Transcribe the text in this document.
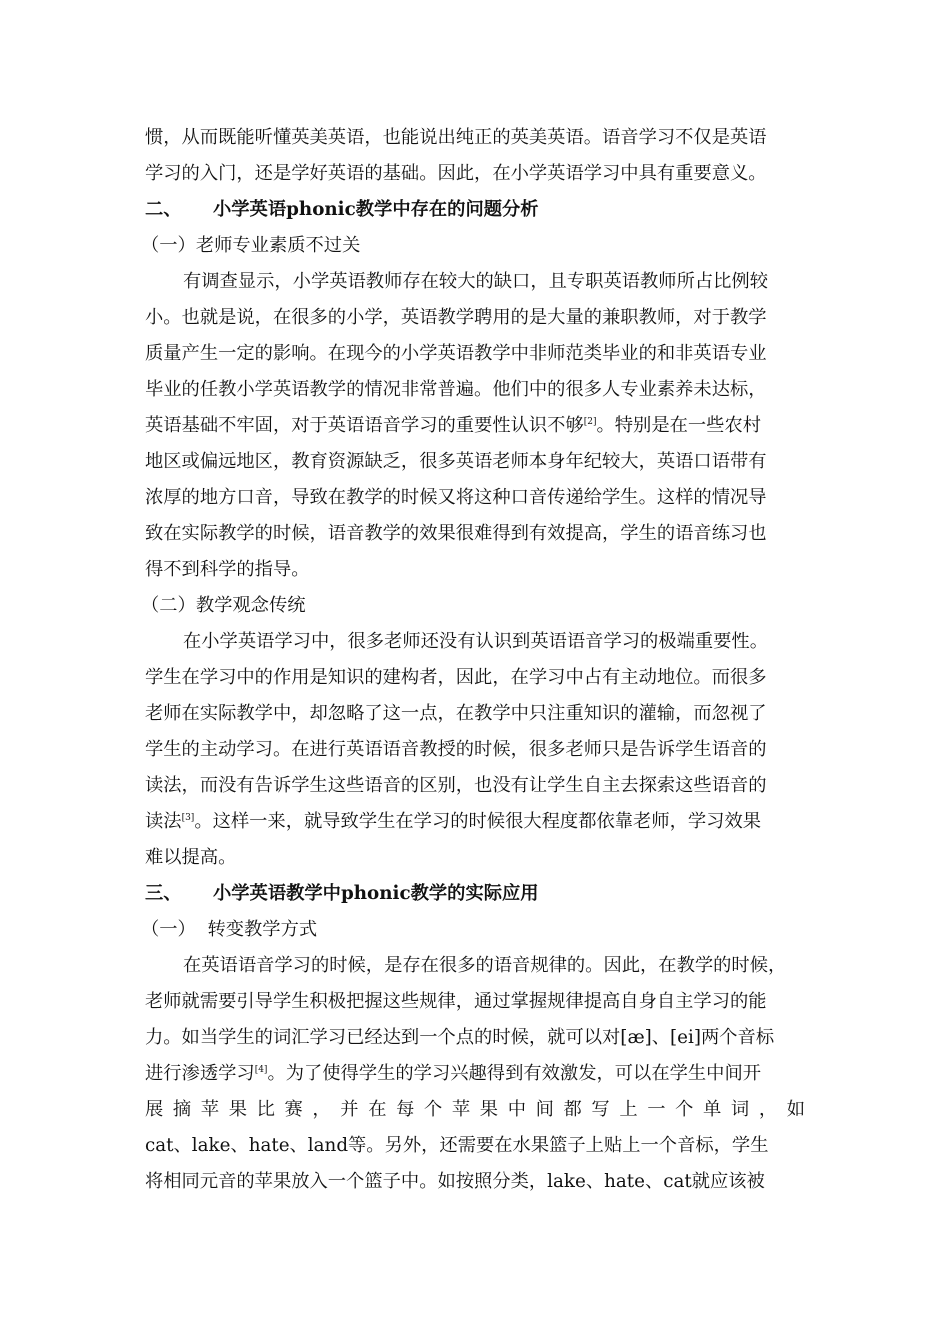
惯，从而既能听懂英美英语，也能说出纯正的英美英语。语音学习不仅是英语
学习的入门，还是学好英语的基础。因此，在小学英语学习中具有重要意义。
二、 小学英语phonic教学中存在的问题分析
（一）老师专业素质不过关
有调查显示，小学英语教师存在较大的缺口，且专职英语教师所占比例较
小。也就是说，在很多的小学，英语教学聘用的是大量的兼职教师，对于教学
质量产生一定的影响。在现今的小学英语教学中非师范类毕业的和非英语专业
毕业的任教小学英语教学的情况非常普遍。他们中的很多人专业素养未达标，
英语基础不牢固，对于英语语音学习的重要性认识不够[2]。特别是在一些农村
地区或偏远地区，教育资源缺乏，很多英语老师本身年纪较大，英语口语带有
浓厚的地方口音，导致在教学的时候又将这种口音传递给学生。这样的情况导
致在实际教学的时候，语音教学的效果很难得到有效提高，学生的语音练习也
得不到科学的指导。
（二）教学观念传统
在小学英语学习中，很多老师还没有认识到英语语音学习的极端重要性。
学生在学习中的作用是知识的建构者，因此，在学习中占有主动地位。而很多
老师在实际教学中，却忽略了这一点，在教学中只注重知识的灌输，而忽视了
学生的主动学习。在进行英语语音教授的时候，很多老师只是告诉学生语音的
读法，而没有告诉学生这些语音的区别，也没有让学生自主去探索这些语音的
读法[3]。这样一来，就导致学生在学习的时候很大程度都依靠老师，学习效果
难以提高。
三、 小学英语教学中phonic教学的实际应用
（一）  转变教学方式
在英语语音学习的时候，是存在很多的语音规律的。因此，在教学的时候，
老师就需要引导学生积极把握这些规律，通过掌握规律提高自身自主学习的能
力。如当学生的词汇学习已经达到一个点的时候，就可以对[æ]、[ei]两个音标
进行渗透学习[4]。为了使得学生的学习兴趣得到有效激发，可以在学生中间开
展摘苹果比赛，并在每个苹果中间都写上一个单词，如
cat、lake、hate、land等。另外，还需要在水果篮子上贴上一个音标，学生
将相同元音的苹果放入一个篮子中。如按照分类，lake、hate、cat就应该被
